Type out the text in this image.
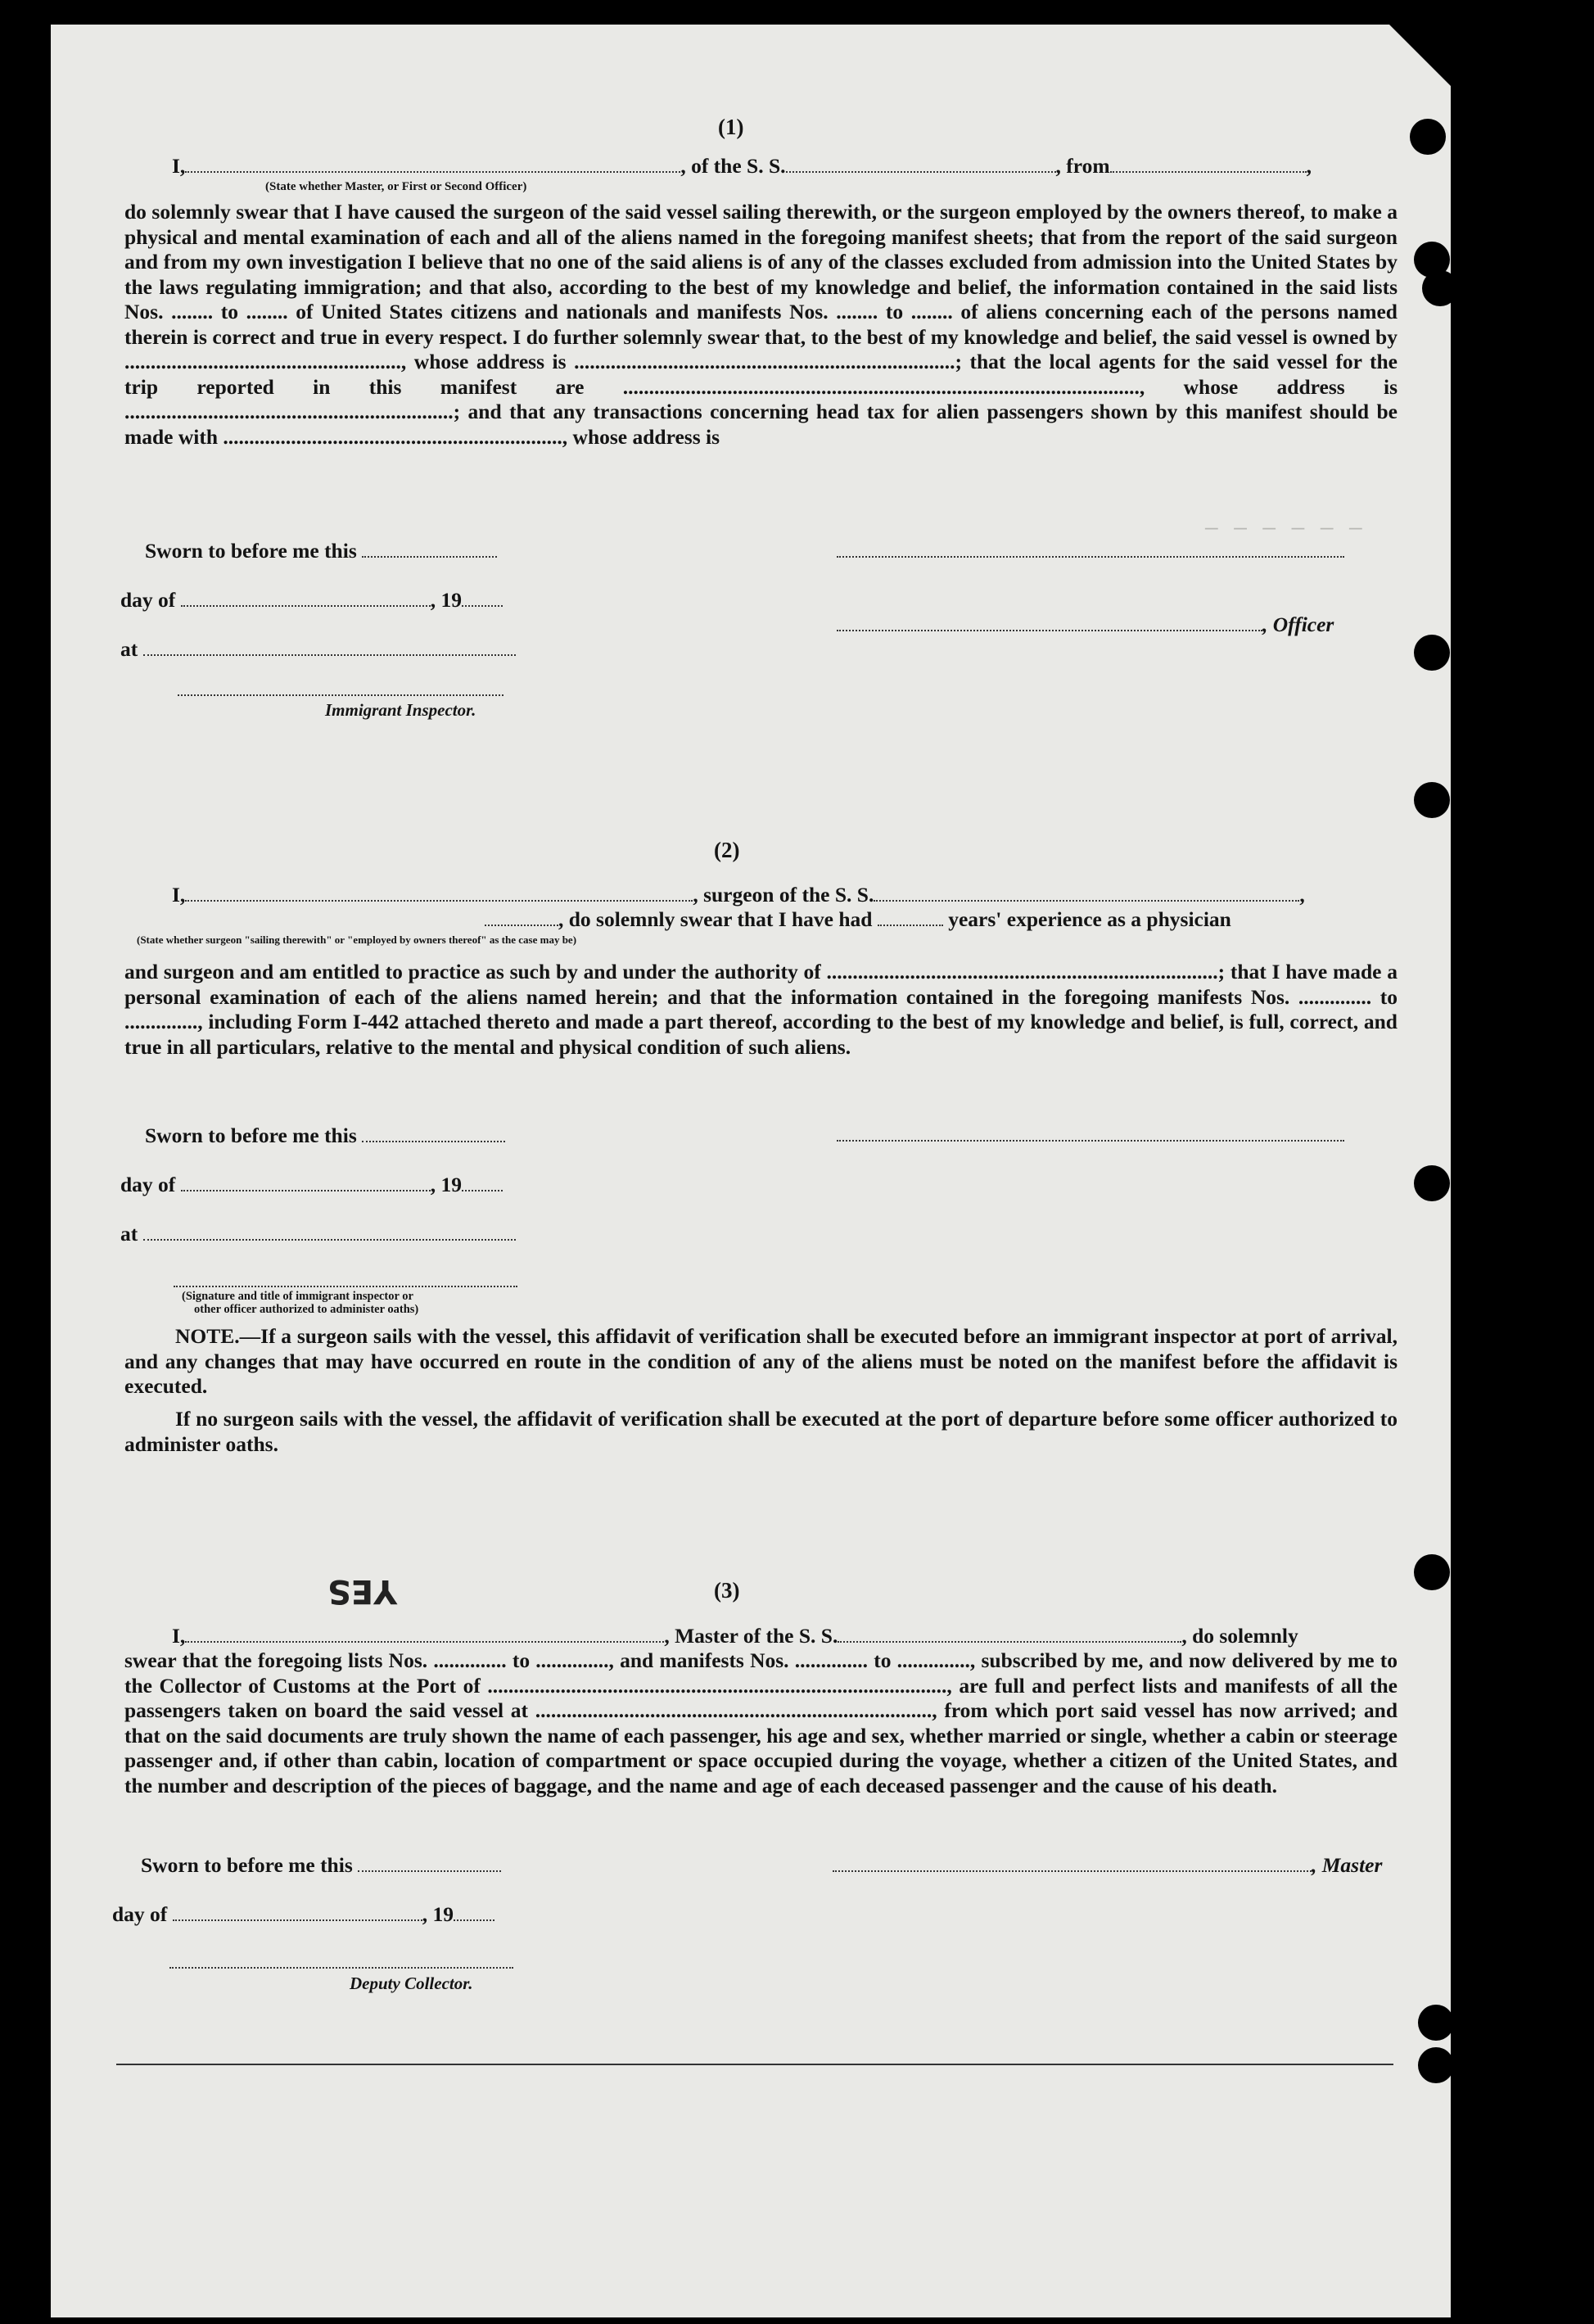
— — — — — —
(1)
I,	, of the S. S.	, from	,
(State whether Master, or First or Second Officer)

do solemnly swear that I have caused the surgeon of the said vessel sailing therewith, or the surgeon employed by the owners thereof, to make a physical and mental examination of each and all of the aliens named in the foregoing manifest sheets; that from the report of the said surgeon and from my own investigation I believe that no one of the said aliens is of any of the classes excluded from admission into the United States by the laws regulating immigration; and that also, according to the best of my knowledge and belief, the information contained in the said lists Nos. ........ to ........ of United States citizens and nationals and manifests Nos. ........ to ........ of aliens concerning each of the persons named therein is correct and true in every respect. I do further solemnly swear that, to the best of my knowledge and belief, the said vessel is owned by ....................................................., whose address is .........................................................................; that the local agents for the said vessel for the trip reported in this manifest are ..................................................................................................., whose address is ...............................................................; and that any transactions concerning head tax for alien passengers shown by this manifest should be made with ................................................................., whose address is

Sworn to before me this
day of	, 19
, Officer
at
Immigrant Inspector.
(2)
I,	, surgeon of the S. S.	,
, do solemnly swear that I have had	years' experience as a physician
(State whether surgeon "sailing therewith" or "employed by owners thereof" as the case may be)

and surgeon and am entitled to practice as such by and under the authority of ...........................................................................; that I have made a personal examination of each of the aliens named herein; and that the information contained in the foregoing manifests Nos. .............. to .............., including Form I-442 attached thereto and made a part thereof, according to the best of my knowledge and belief, is full, correct, and true in all particulars, relative to the mental and physical condition of such aliens.

Sworn to before me this
day of	, 19
at
(Signature and title of immigrant inspector or
other officer authorized to administer oaths)

NOTE.—If a surgeon sails with the vessel, this affidavit of verification shall be executed before an immigrant inspector at port of arrival, and any changes that may have occurred en route in the condition of any of the aliens must be noted on the manifest before the affidavit is executed.

If no surgeon sails with the vessel, the affidavit of verification shall be executed at the port of departure before some officer authorized to administer oaths.

YES	(3)
I,	, Master of the S. S.	, do solemnly

swear that the foregoing lists Nos. .............. to .............., and manifests Nos. .............. to .............., subscribed by me, and now delivered by me to the Collector of Customs at the Port of ........................................................................................, are full and perfect lists and manifests of all the passengers taken on board the said vessel at ............................................................................, from which port said vessel has now arrived; and that on the said documents are truly shown the name of each passenger, his age and sex, whether married or single, whether a cabin or steerage passenger and, if other than cabin, location of compartment or space occupied during the voyage, whether a citizen of the United States, and the number and description of the pieces of baggage, and the name and age of each deceased passenger and the cause of his death.

Sworn to before me this	, Master
day of	, 19
Deputy Collector.
